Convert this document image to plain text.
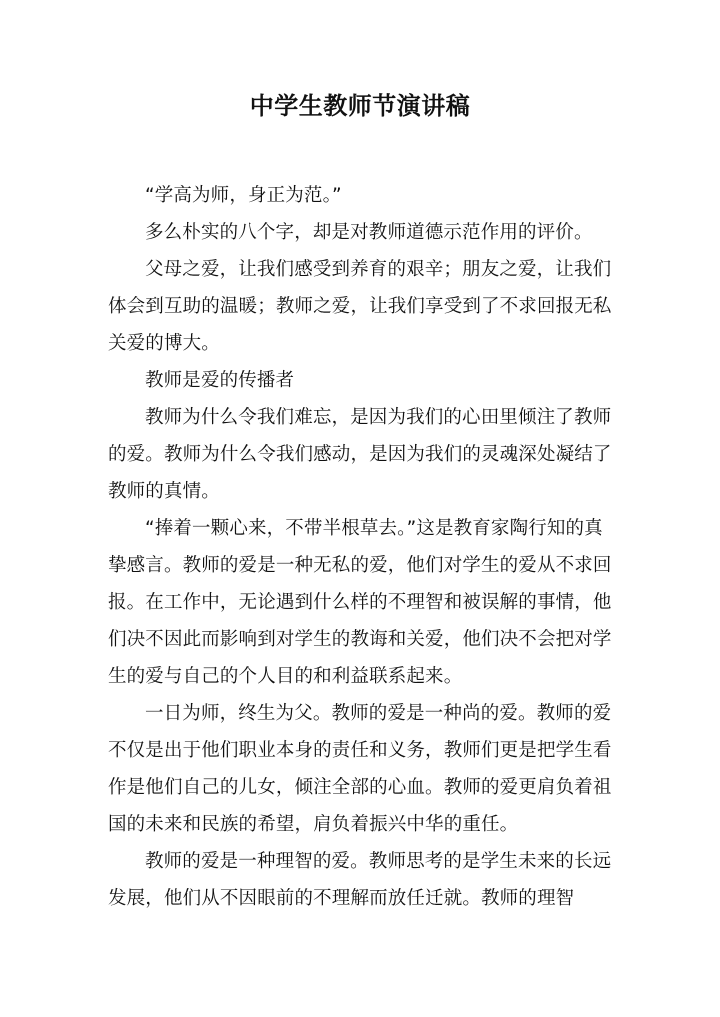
中学生教师节演讲稿

“学高为师，身正为范。”

多么朴实的八个字，却是对教师道德示范作用的评价。

父母之爱，让我们感受到养育的艰辛；朋友之爱，让我们体会到互助的温暖；教师之爱，让我们享受到了不求回报无私关爱的博大。

教师是爱的传播者

教师为什么令我们难忘，是因为我们的心田里倾注了教师的爱。教师为什么令我们感动，是因为我们的灵魂深处凝结了教师的真情。

“捧着一颗心来，不带半根草去。”这是教育家陶行知的真挚感言。教师的爱是一种无私的爱，他们对学生的爱从不求回报。在工作中，无论遇到什么样的不理智和被误解的事情，他们决不因此而影响到对学生的教诲和关爱，他们决不会把对学生的爱与自己的个人目的和利益联系起来。

一日为师，终生为父。教师的爱是一种尚的爱。教师的爱不仅是出于他们职业本身的责任和义务，教师们更是把学生看作是他们自己的儿女，倾注全部的心血。教师的爱更肩负着祖国的未来和民族的希望，肩负着振兴中华的重任。

教师的爱是一种理智的爱。教师思考的是学生未来的长远发展，他们从不因眼前的不理解而放任迁就。教师的理智
